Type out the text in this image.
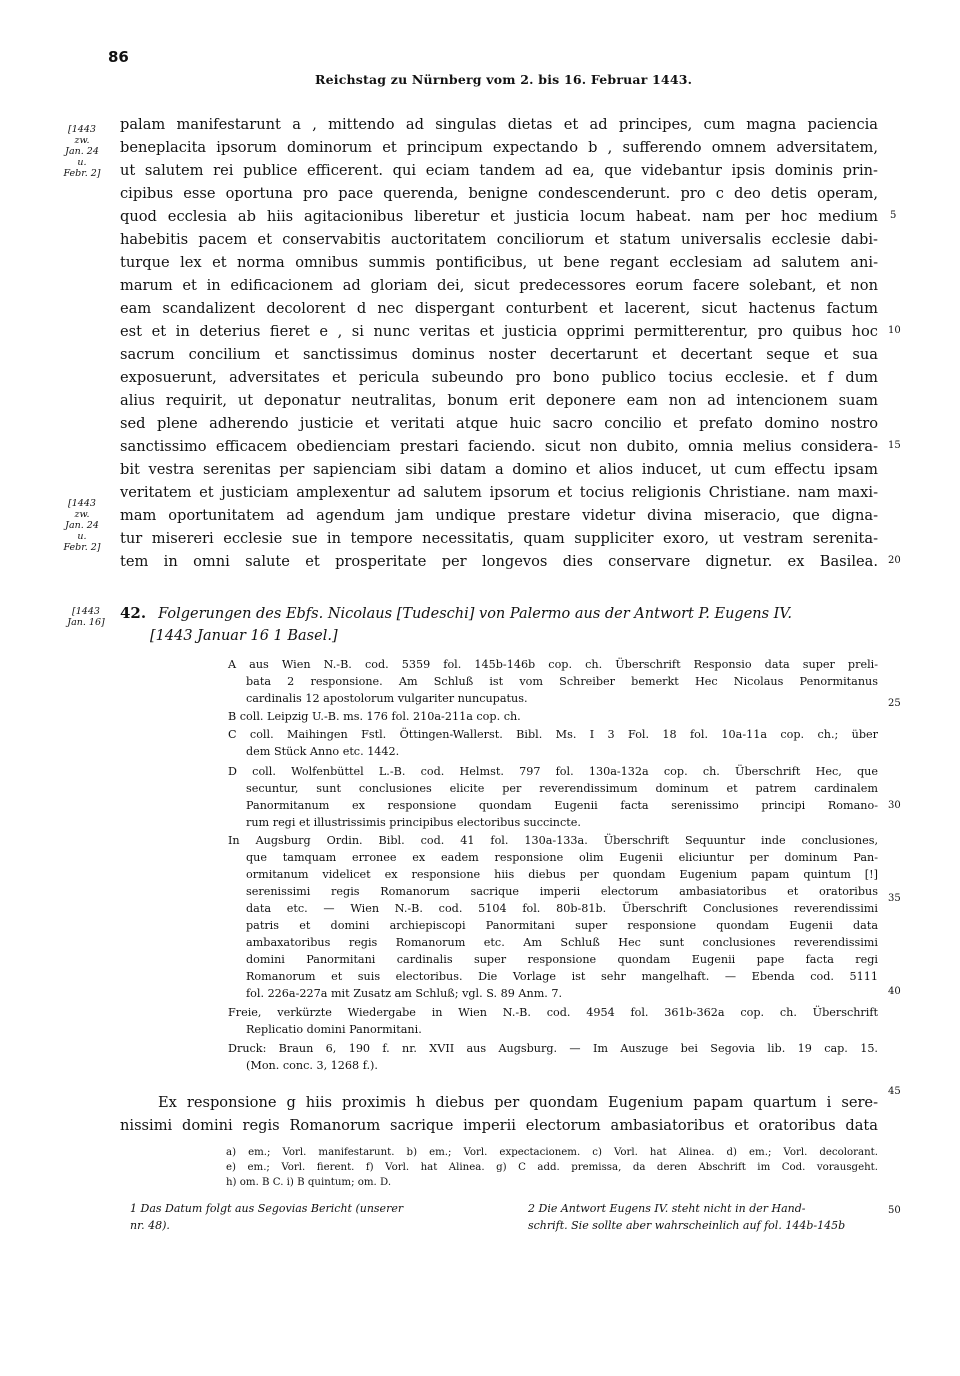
86
Reichstag zu Nürnberg vom 2. bis 16. Februar 1443.
[1443
zw.
Jan. 24
u.
Febr. 2]
[1443
zw.
Jan. 24
u.
Febr. 2]
[1443
Jan. 16]
palam manifestarunt a , mittendo ad singulas dietas et ad principes, cum magna paciencia
beneplacita ipsorum dominorum et principum expectando b , sufferendo omnem adversitatem,
ut salutem rei publice efficerent. qui eciam tandem ad ea, que videbantur ipsis dominis prin-
cipibus esse oportuna pro pace querenda, benigne condescenderunt. pro c deo detis operam,
quod ecclesia ab hiis agitacionibus liberetur et justicia locum habeat. nam per hoc medium
habebitis pacem et conservabitis auctoritatem conciliorum et statum universalis ecclesie dabi-
turque lex et norma omnibus summis pontificibus, ut bene regant ecclesiam ad salutem ani-
marum et in edificacionem ad gloriam dei, sicut predecessores eorum facere solebant, et non
eam scandalizent decolorent d nec dispergant conturbent et lacerent, sicut hactenus factum
est et in deterius fieret e , si nunc veritas et justicia opprimi permitterentur, pro quibus hoc
sacrum concilium et sanctissimus dominus noster decertarunt et decertant seque et sua
exposuerunt, adversitates et pericula subeundo pro bono publico tocius ecclesie. et f dum
alius requirit, ut deponatur neutralitas, bonum erit deponere eam non ad intencionem suam
sed plene adherendo justicie et veritati atque huic sacro concilio et prefato domino nostro
sanctissimo efficacem obedienciam prestari faciendo. sicut non dubito, omnia melius considera-
bit vestra serenitas per sapienciam sibi datam a domino et alios inducet, ut cum effectu ipsam
veritatem et justiciam amplexentur ad salutem ipsorum et tocius religionis Christiane. nam maxi-
mam oportunitatem ad agendum jam undique prestare videtur divina miseracio, que digna-
tur misereri ecclesie sue in tempore necessitatis, quam suppliciter exoro, ut vestram serenita-
tem in omni salute et prosperitate per longevos dies conservare dignetur. ex Basilea.
5
10
15
20
25
30
35
40
45
50
42. Folgerungen des Ebfs. Nicolaus [Tudeschi] von Palermo aus der Antwort P. Eugens IV.
[1443 Januar 16 1 Basel.]
A aus Wien N.-B. cod. 5359 fol. 145b-146b cop. ch. Überschrift Responsio data super preli-
bata 2 responsione. Am Schluß ist vom Schreiber bemerkt Hec Nicolaus Penormitanus
cardinalis 12 apostolorum vulgariter nuncupatus.
B coll. Leipzig U.-B. ms. 176 fol. 210a-211a cop. ch.
C coll. Maihingen Fstl. Öttingen-Wallerst. Bibl. Ms. I 3 Fol. 18 fol. 10a-11a cop. ch.; über
dem Stück Anno etc. 1442.
D coll. Wolfenbüttel L.-B. cod. Helmst. 797 fol. 130a-132a cop. ch. Überschrift Hec, que
secuntur, sunt conclusiones elicite per reverendissimum dominum et patrem cardinalem
Panormitanum ex responsione quondam Eugenii facta serenissimo principi Romano-
rum regi et illustrissimis principibus electoribus succincte.
In Augsburg Ordin. Bibl. cod. 41 fol. 130a-133a. Überschrift Sequuntur inde conclusiones,
que tamquam erronee ex eadem responsione olim Eugenii eliciuntur per dominum Pan-
ormitanum videlicet ex responsione hiis diebus per quondam Eugenium papam quintum [!]
serenissimi regis Romanorum sacrique imperii electorum ambasiatoribus et oratoribus
data etc. — Wien N.-B. cod. 5104 fol. 80b-81b. Überschrift Conclusiones reverendissimi
patris et domini archiepiscopi Panormitani super responsione quondam Eugenii data
ambaxatoribus regis Romanorum etc. Am Schluß Hec sunt conclusiones reverendissimi
domini Panormitani cardinalis super responsione quondam Eugenii pape facta regi
Romanorum et suis electoribus. Die Vorlage ist sehr mangelhaft. — Ebenda cod. 5111
fol. 226a-227a mit Zusatz am Schluß; vgl. S. 89 Anm. 7.
Freie, verkürzte Wiedergabe in Wien N.-B. cod. 4954 fol. 361b-362a cop. ch. Überschrift
Replicatio domini Panormitani.
Druck: Braun 6, 190 f. nr. XVII aus Augsburg. — Im Auszuge bei Segovia lib. 19 cap. 15.
(Mon. conc. 3, 1268 f.).
Ex responsione g hiis proximis h diebus per quondam Eugenium papam quartum i sere-
nissimi domini regis Romanorum sacrique imperii electorum ambasiatoribus et oratoribus data
a) em.; Vorl. manifestarunt. b) em.; Vorl. expectacionem. c) Vorl. hat Alinea. d) em.; Vorl. decolorant.
e) em.; Vorl. fierent. f) Vorl. hat Alinea. g) C add. premissa, da deren Abschrift im Cod. vorausgeht.
h) om. B C. i) B quintum; om. D.
1 Das Datum folgt aus Segovias Bericht (unserer
nr. 48).
2 Die Antwort Eugens IV. steht nicht in der Hand-
schrift. Sie sollte aber wahrscheinlich auf fol. 144b-145b
